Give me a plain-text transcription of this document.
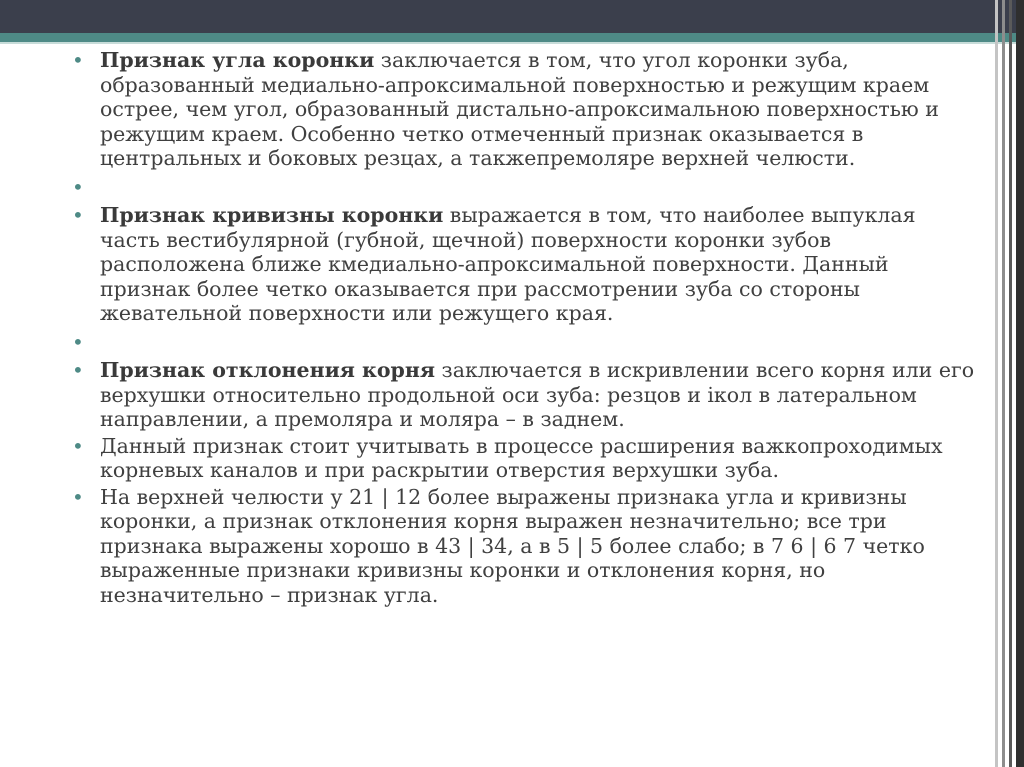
• Признак угла коронки заключается в том, что угол коронки зуба, образованный медиально-апроксимальной поверхностью и режущим краем острее, чем угол, образованный дистально-апроксимальною поверхностью и режущим краем. Особенно четко отмеченный признак оказывается в центральных и боковых резцах, а такжепремоляре верхней челюсти.
•
• Признак кривизны коронки выражается в том, что наиболее выпуклая часть вестибулярной (губной, щечной) поверхности коронки зубов расположена ближе кмедиально-апроксимальной поверхности. Данный признак более четко оказывается при рассмотрении зуба со стороны жевательной поверхности или режущего края.
•
• Признак отклонения корня заключается в искривлении всего корня или его верхушки относительно продольной оси зуба: резцов и ікол в латеральном направлении, а премоляра и моляра – в заднем.
• Данный признак стоит учитывать в процессе расширения важкопроходимых корневых каналов и при раскрытии отверстия верхушки зуба.
• На верхней челюсти у 21 | 12 более выражены признака угла и кривизны коронки, а признак отклонения корня выражен незначительно; все три признака выражены хорошо в 43 | 34, а в 5 | 5 более слабо; в 7 6 | 6 7 четко выраженные признаки кривизны коронки и отклонения корня, но незначительно – признак угла.
